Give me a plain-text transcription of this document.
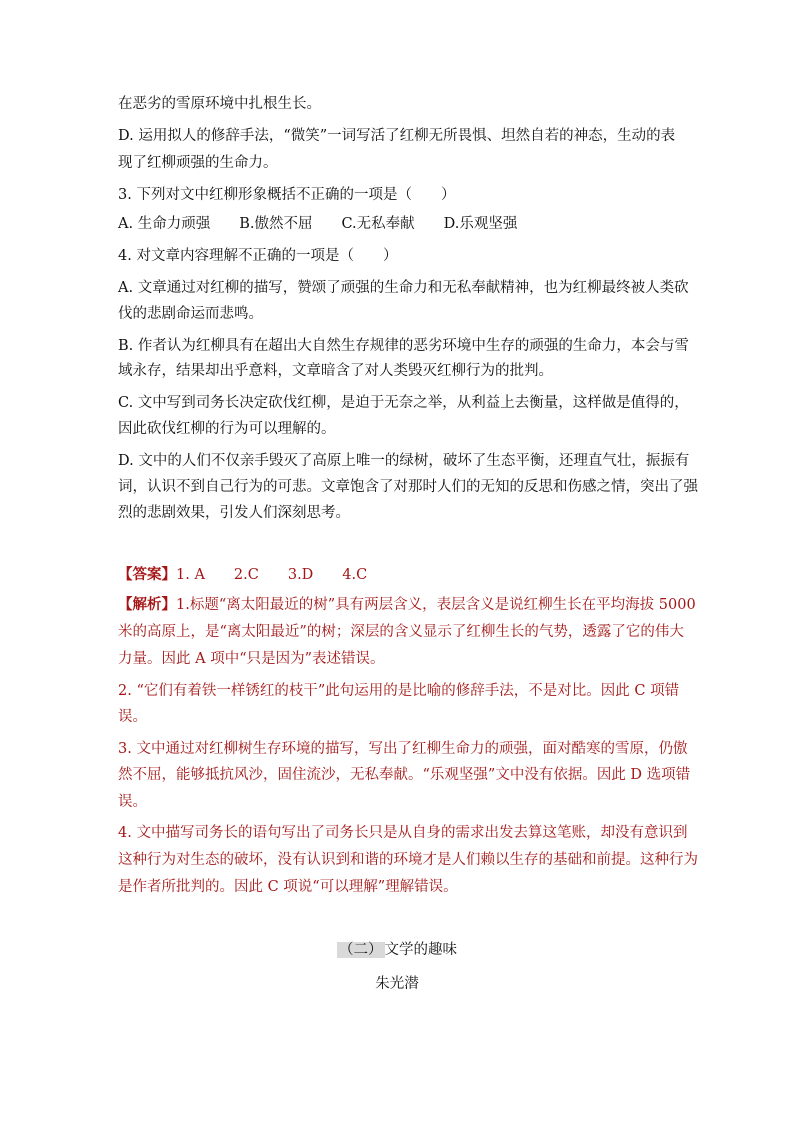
在恶劣的雪原环境中扎根生长。
D. 运用拟人的修辞手法，“微笑”一词写活了红柳无所畏惧、坦然自若的神态，生动的表
现了红柳顽强的生命力。
3. 下列对文中红柳形象概括不正确的一项是（　　）
A. 生命力顽强　　B.傲然不屈　　C.无私奉献　　D.乐观坚强
4. 对文章内容理解不正确的一项是（　　）
A. 文章通过对红柳的描写，赞颂了顽强的生命力和无私奉献精神，也为红柳最终被人类砍
伐的悲剧命运而悲鸣。
B. 作者认为红柳具有在超出大自然生存规律的恶劣环境中生存的顽强的生命力，本会与雪
域永存，结果却出乎意料，文章暗含了对人类毁灭红柳行为的批判。
C. 文中写到司务长决定砍伐红柳，是迫于无奈之举，从利益上去衡量，这样做是值得的，
因此砍伐红柳的行为可以理解的。
D. 文中的人们不仅亲手毁灭了高原上唯一的绿树，破坏了生态平衡，还理直气壮，振振有
词，认识不到自己行为的可悲。文章饱含了对那时人们的无知的反思和伤感之情，突出了强
烈的悲剧效果，引发人们深刻思考。
【答案】1. A　　2.C　　3.D　　4.C
【解析】1.标题“离太阳最近的树”具有两层含义，表层含义是说红柳生长在平均海拔 5000
米的高原上，是“离太阳最近”的树；深层的含义显示了红柳生长的气势，透露了它的伟大
力量。因此 A 项中“只是因为”表述错误。
2. “它们有着铁一样锈红的枝干”此句运用的是比喻的修辞手法，不是对比。因此 C 项错
误。
3. 文中通过对红柳树生存环境的描写，写出了红柳生命力的顽强，面对酷寒的雪原，仍傲
然不屈，能够抵抗风沙，固住流沙，无私奉献。“乐观坚强”文中没有依据。因此 D 选项错
误。
4. 文中描写司务长的语句写出了司务长只是从自身的需求出发去算这笔账，却没有意识到
这种行为对生态的破坏，没有认识到和谐的环境才是人们赖以生存的基础和前提。这种行为
是作者所批判的。因此 C 项说“可以理解”理解错误。
（二） 文学的趣味
朱光潜
